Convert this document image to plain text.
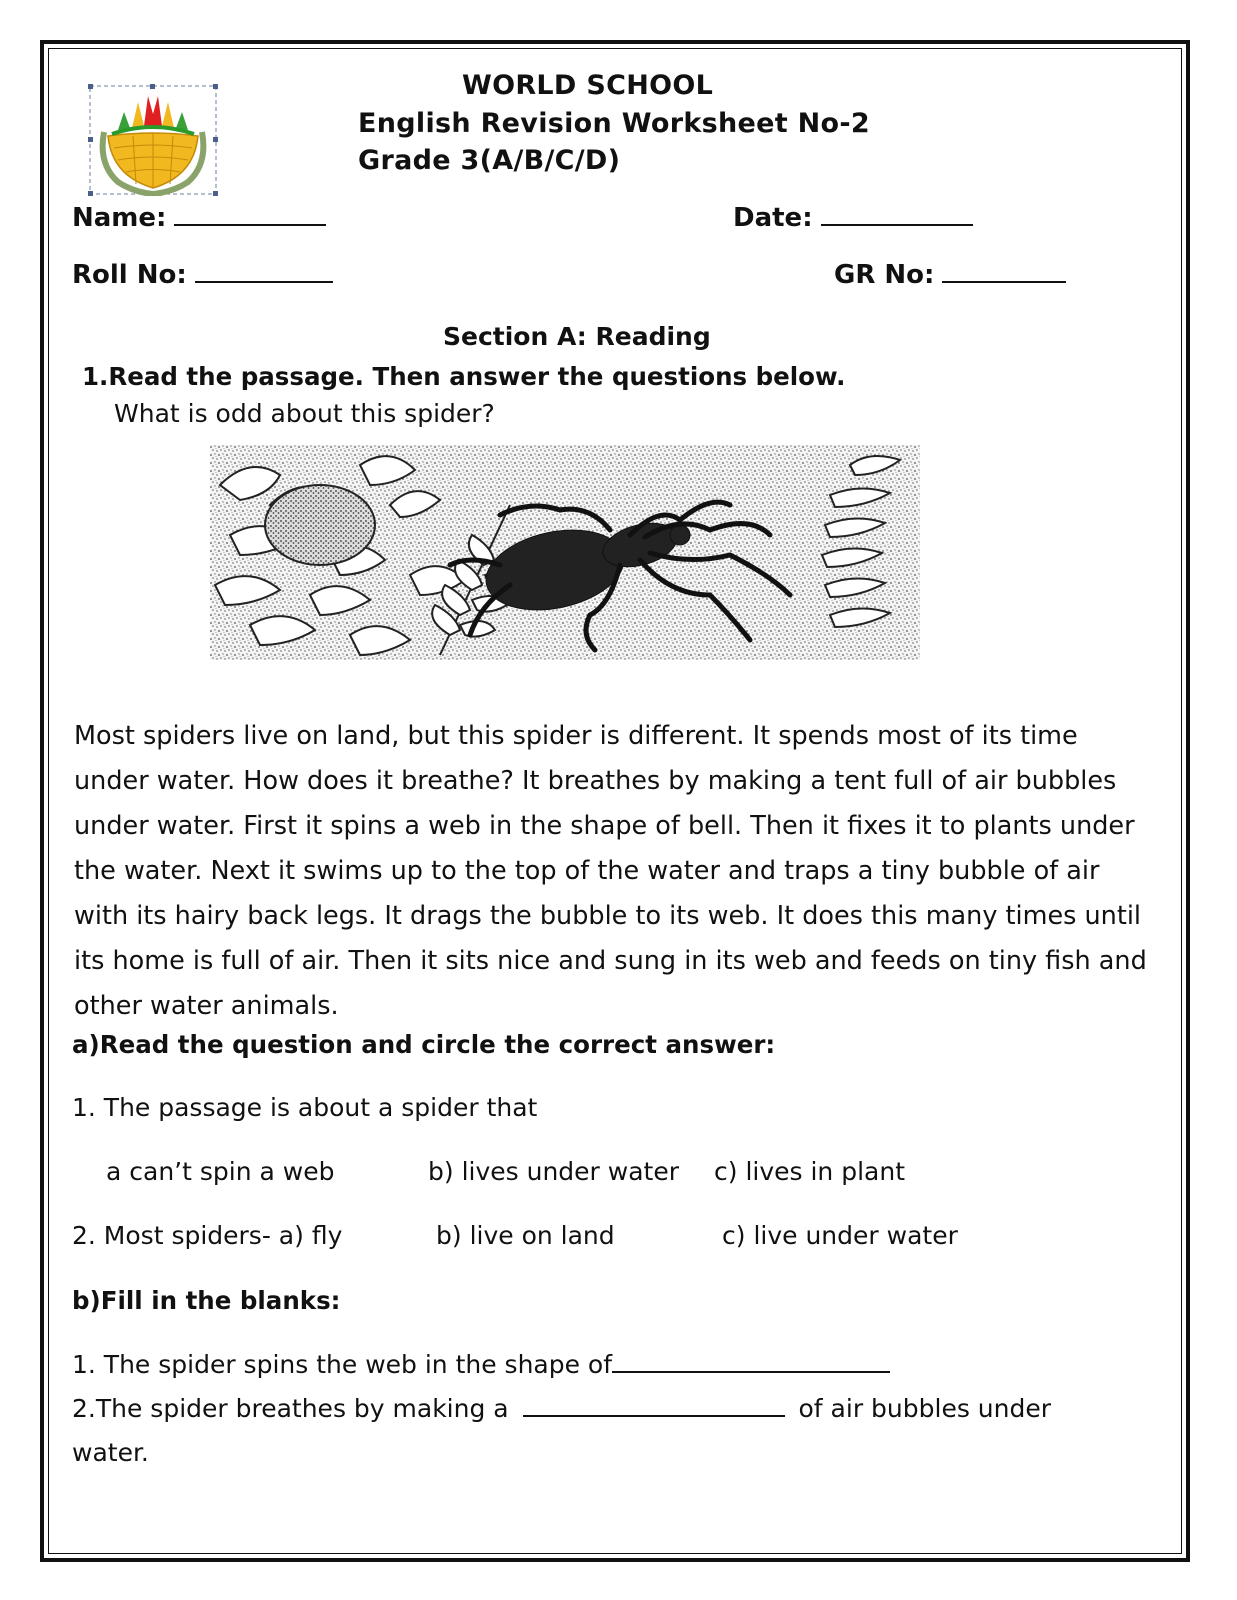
WORLD SCHOOL
English Revision Worksheet No-2
Grade 3(A/B/C/D)
Name:	Date:
Roll No:	GR No:
Section A: Reading
1.Read the passage. Then answer the questions below.
What is odd about this spider?

Most spiders live on land, but this spider is different. It spends most of its time under water. How does it breathe? It breathes by making a tent full of air bubbles under water. First it spins a web in the shape of bell. Then it fixes it to plants under the water. Next it swims up to the top of the water and traps a tiny bubble of air with its hairy back legs. It drags the bubble to its web. It does this many times until its home is full of air. Then it sits nice and sung in its web and feeds on tiny fish and other water animals.

a)Read the question and circle the correct answer:
1. The passage is about a spider that
a can’t spin a web	b) lives under water c) lives in plant
2. Most spiders- a) fly	b) live on land	c) live under water
b)Fill in the blanks:
1. The spider spins the web in the shape of
2.The spider breathes by making a	of air bubbles under
water.
